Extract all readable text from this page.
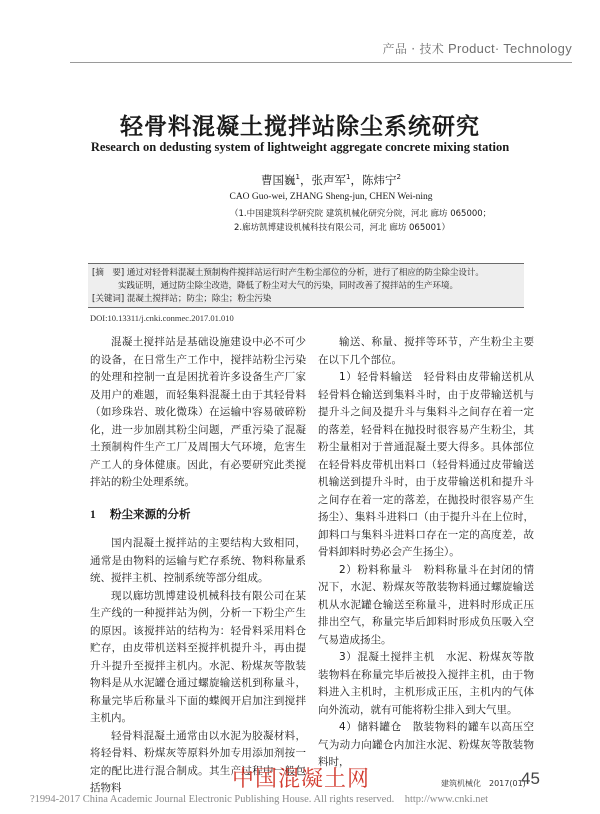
产品 · 技术 Product· Technology
轻骨料混凝土搅拌站除尘系统研究
Research on dedusting system of lightweight aggregate concrete mixing station
曹国巍$^1$，张声军$^1$，陈炜宁$^2$
CAO Guo-wei, ZHANG Sheng-jun, CHEN Wei-ning
（1.中国建筑科学研究院 建筑机械化研究分院，河北 廊坊 065000；
2.廊坊凯博建设机械科技有限公司，河北 廊坊 065001）
[摘　要] 通过对轻骨料混凝土预制构件搅拌站运行时产生粉尘部位的分析，进行了相应的防尘除尘设计。
实践证明，通过防尘除尘改造，降低了粉尘对大气的污染，同时改善了搅拌站的生产环境。
[关键词] 混凝土搅拌站；防尘；除尘；粉尘污染
DOI:10.13311/j.cnki.conmec.2017.01.010

混凝土搅拌站是基础设施建设中必不可少的设备，在日常生产工作中，搅拌站粉尘污染的处理和控制一直是困扰着许多设备生产厂家及用户的难题，而轻集料混凝土由于其轻骨料（如珍珠岩、玻化微珠）在运输中容易破碎粉化，进一步加剧其粉尘问题，严重污染了混凝土预制构件生产工厂及周围大气环境，危害生产工人的身体健康。因此，有必要研究此类搅拌站的粉尘处理系统。

1 粉尘来源的分析

国内混凝土搅拌站的主要结构大致相同，通常是由物料的运输与贮存系统、物料称量系统、搅拌主机、控制系统等部分组成。

现以廊坊凯博建设机械科技有限公司在某生产线的一种搅拌站为例，分析一下粉尘产生的原因。该搅拌站的结构为：轻骨料采用料仓贮存，由皮带机送料至搅拌机提升斗，再由提升斗提升至搅拌主机内。水泥、粉煤灰等散装物料是从水泥罐仓通过螺旋输送机到称量斗，称量完毕后称量斗下面的蝶阀开启加注到搅拌主机内。

轻骨料混凝土通常由以水泥为胶凝材料，将轻骨料、粉煤灰等原料外加专用添加剂按一定的配比进行混合制成。其生产过程中一般包括物料

输送、称量、搅拌等环节，产生粉尘主要在以下几个部位。

1）轻骨料输送　轻骨料由皮带输送机从轻骨料仓输送到集料斗时，由于皮带输送机与提升斗之间及提升斗与集料斗之间存在着一定的落差，轻骨料在抛投时很容易产生粉尘，其粉尘量相对于普通混凝土要大得多。具体部位在轻骨料皮带机出料口（轻骨料通过皮带输送机输送到提升斗时，由于皮带输送机和提升斗之间存在着一定的落差，在抛投时很容易产生扬尘）、集料斗进料口（由于提升斗在上位时，卸料口与集料斗进料口存在一定的高度差，故骨料卸料时势必会产生扬尘）。

2）粉料称量斗　粉料称量斗在封闭的情况下，水泥、粉煤灰等散装物料通过螺旋输送机从水泥罐仓输送至称量斗，进料时形成正压排出空气，称量完毕后卸料时形成负压吸入空气易造成扬尘。

3）混凝土搅拌主机　水泥、粉煤灰等散装物料在称量完毕后被投入搅拌主机，由于物料进入主机时，主机形成正压，主机内的气体向外流动，就有可能将粉尘排入到大气里。

4）储料罐仓　散装物料的罐车以高压空气为动力向罐仓内加注水泥、粉煤灰等散装物料时，

中国混凝土网	建筑机械化　2017(01)
45
?1994-2017 China Academic Journal Electronic Publishing House. All rights reserved.　http://www.cnki.net
